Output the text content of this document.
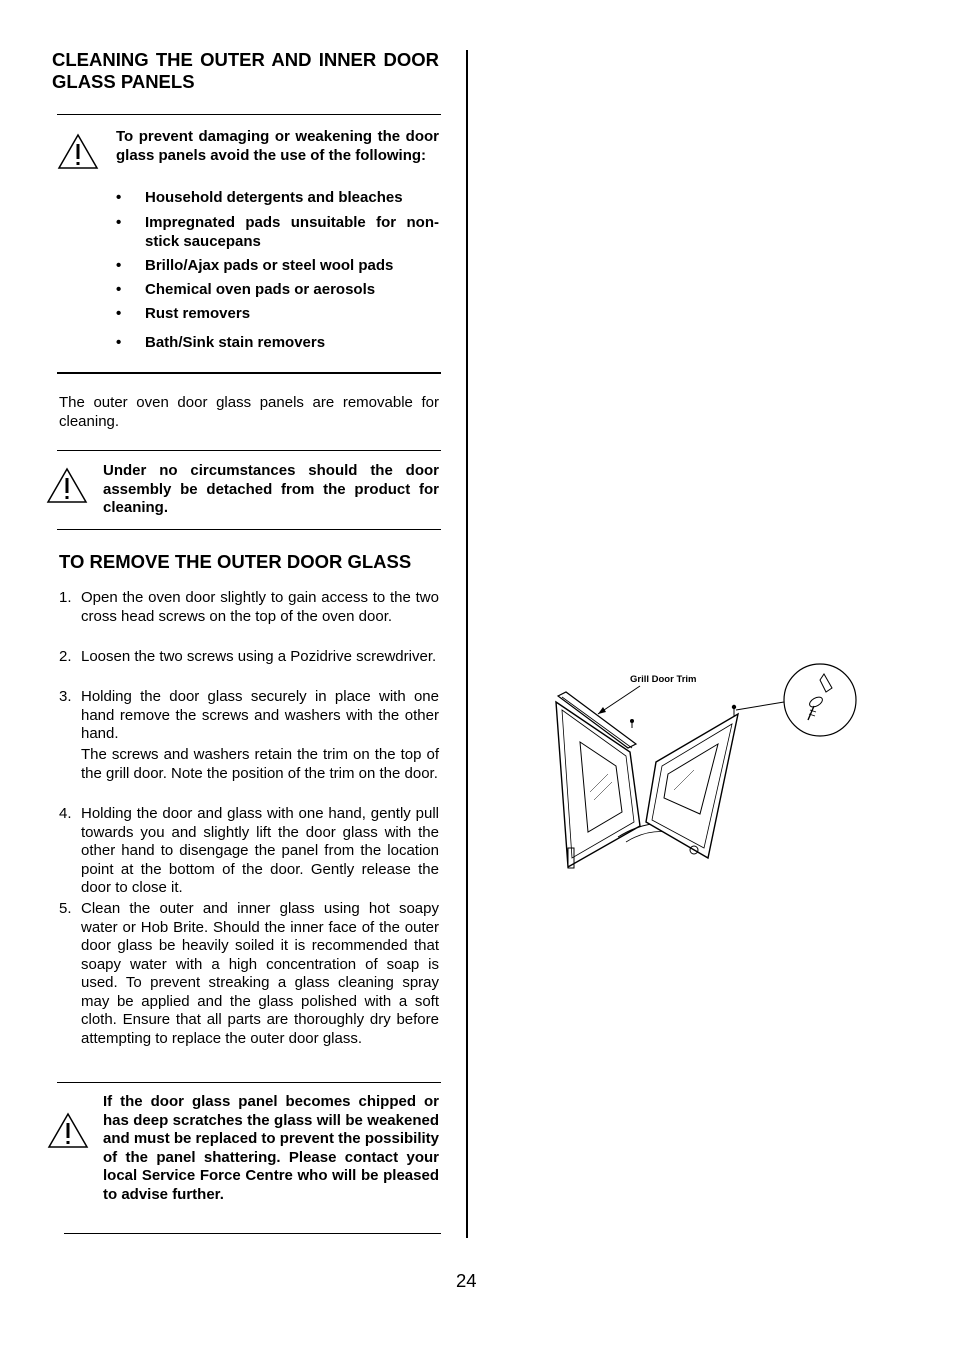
CLEANING THE OUTER AND INNER DOOR GLASS PANELS
To prevent damaging or weakening the door glass panels avoid the use of the following:
• Household detergents and bleaches
• Impregnated pads unsuitable for non-stick saucepans
• Brillo/Ajax pads or steel wool pads
• Chemical oven pads or aerosols
• Rust removers
• Bath/Sink stain removers
The outer oven door glass panels are removable for cleaning.
Under no circumstances should the door assembly be detached from the product for cleaning.
TO REMOVE THE OUTER DOOR GLASS
1. Open the oven door slightly to gain access to the two cross head screws on the top of the oven door.
2. Loosen the two screws using a Pozidrive screwdriver.
3. Holding the door glass securely in place with one hand remove the screws and washers with the other hand.
The screws and washers retain the trim on the top of the grill door. Note the position of the trim on the door.
4. Holding the door and glass with one hand, gently pull towards you and slightly lift the door glass with the other hand to disengage the panel from the location point at the bottom of the door. Gently release the door to close it.
5. Clean the outer and inner glass using hot soapy water or Hob Brite. Should the inner face of the outer door glass be heavily soiled it is recommended that soapy water with a high concentration of soap is used. To prevent streaking a glass cleaning spray may be applied and the glass polished with a soft cloth. Ensure that all parts are thoroughly dry before attempting to replace the outer door glass.
If the door glass panel becomes chipped or has deep scratches the glass will be weakened and must be replaced to prevent the possibility of the panel shattering. Please contact your local Service Force Centre who will be pleased to advise further.
Grill Door Trim
24
